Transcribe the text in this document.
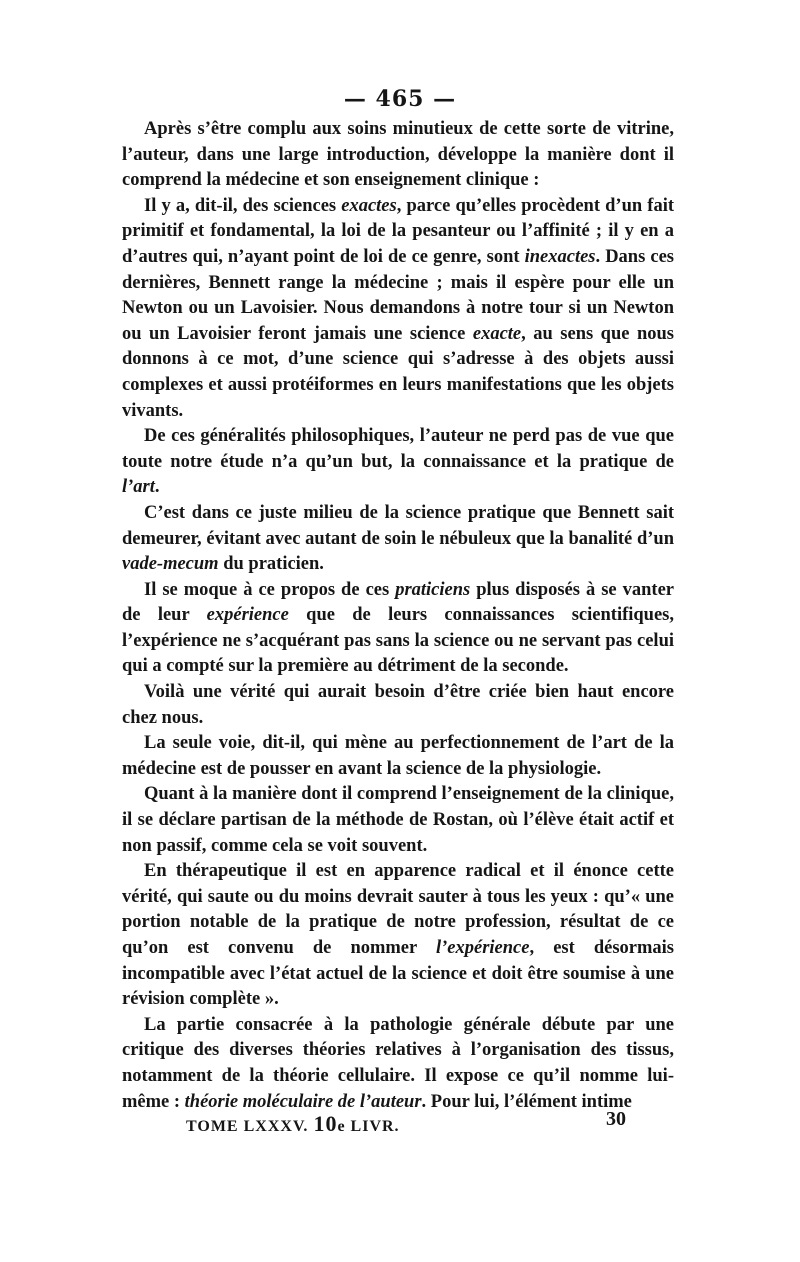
— 465 —

Après s’être complu aux soins minutieux de cette sorte de vitrine, l’auteur, dans une large introduction, développe la manière dont il comprend la médecine et son enseignement clinique :

Il y a, dit-il, des sciences exactes, parce qu’elles procèdent d’un fait primitif et fondamental, la loi de la pesanteur ou l’affinité ; il y en a d’autres qui, n’ayant point de loi de ce genre, sont inexactes. Dans ces dernières, Bennett range la médecine ; mais il espère pour elle un Newton ou un Lavoisier. Nous demandons à notre tour si un Newton ou un Lavoisier feront jamais une science exacte, au sens que nous donnons à ce mot, d’une science qui s’adresse à des objets aussi complexes et aussi protéiformes en leurs manifestations que les objets vivants.

De ces généralités philosophiques, l’auteur ne perd pas de vue que toute notre étude n’a qu’un but, la connaissance et la pratique de l’art.

C’est dans ce juste milieu de la science pratique que Bennett sait demeurer, évitant avec autant de soin le nébuleux que la banalité d’un vade-mecum du praticien.

Il se moque à ce propos de ces praticiens plus disposés à se vanter de leur expérience que de leurs connaissances scientifiques, l’expérience ne s’acquérant pas sans la science ou ne servant pas celui qui a compté sur la première au détriment de la seconde.

Voilà une vérité qui aurait besoin d’être criée bien haut encore chez nous.

La seule voie, dit-il, qui mène au perfectionnement de l’art de la médecine est de pousser en avant la science de la physiologie.

Quant à la manière dont il comprend l’enseignement de la clinique, il se déclare partisan de la méthode de Rostan, où l’élève était actif et non passif, comme cela se voit souvent.

En thérapeutique il est en apparence radical et il énonce cette vérité, qui saute ou du moins devrait sauter à tous les yeux : qu’« une portion notable de la pratique de notre profession, résultat de ce qu’on est convenu de nommer l’expérience, est désormais incompatible avec l’état actuel de la science et doit être soumise à une révision complète ».

La partie consacrée à la pathologie générale débute par une critique des diverses théories relatives à l’organisation des tissus, notamment de la théorie cellulaire. Il expose ce qu’il nomme lui-même : théorie moléculaire de l’auteur. Pour lui, l’élément intime

TOME LXXXV. 10e LIVR.	30
